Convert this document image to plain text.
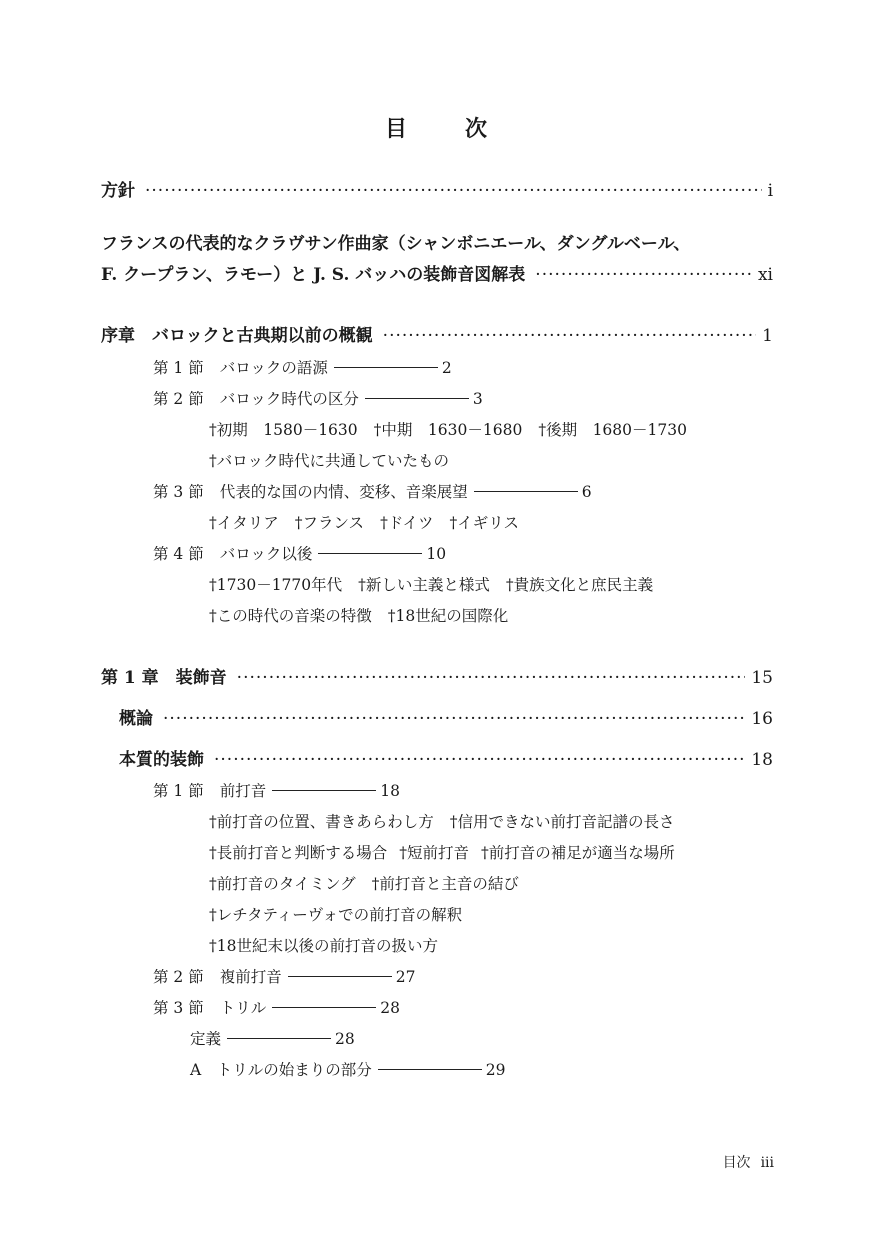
目　次
方針 ·····	i
フランスの代表的なクラヴサン作曲家（シャンボニエール、ダングルベール、
F. クープラン、ラモー）と J. S. バッハの装飾音図解表 ·····	xi
序章　バロックと古典期以前の概観 ·····	1
第 1 節 バロックの語源	2
第 2 節 バロック時代の区分	3
†初期　1580－1630 †中期　1630－1680 †後期　1680－1730
†バロック時代に共通していたもの
第 3 節 代表的な国の内情、変移、音楽展望	6
†イタリア †フランス †ドイツ †イギリス
第 4 節 バロック以後	10
†1730－1770年代 †新しい主義と様式 †貴族文化と庶民主義
†この時代の音楽の特徴 †18世紀の国際化
第 1 章　装飾音 ·····	15
概論 ·····	16
本質的装飾 ·····	18
第 1 節 前打音	18
†前打音の位置、書きあらわし方 †信用できない前打音記譜の長さ
†長前打音と判断する場合 †短前打音 †前打音の補足が適当な場所
†前打音のタイミング †前打音と主音の結び
†レチタティーヴォでの前打音の解釈
†18世紀末以後の前打音の扱い方
第 2 節 複前打音	27
第 3 節 トリル	28
定義	28
A　トリルの始まりの部分	29
目次 iii
